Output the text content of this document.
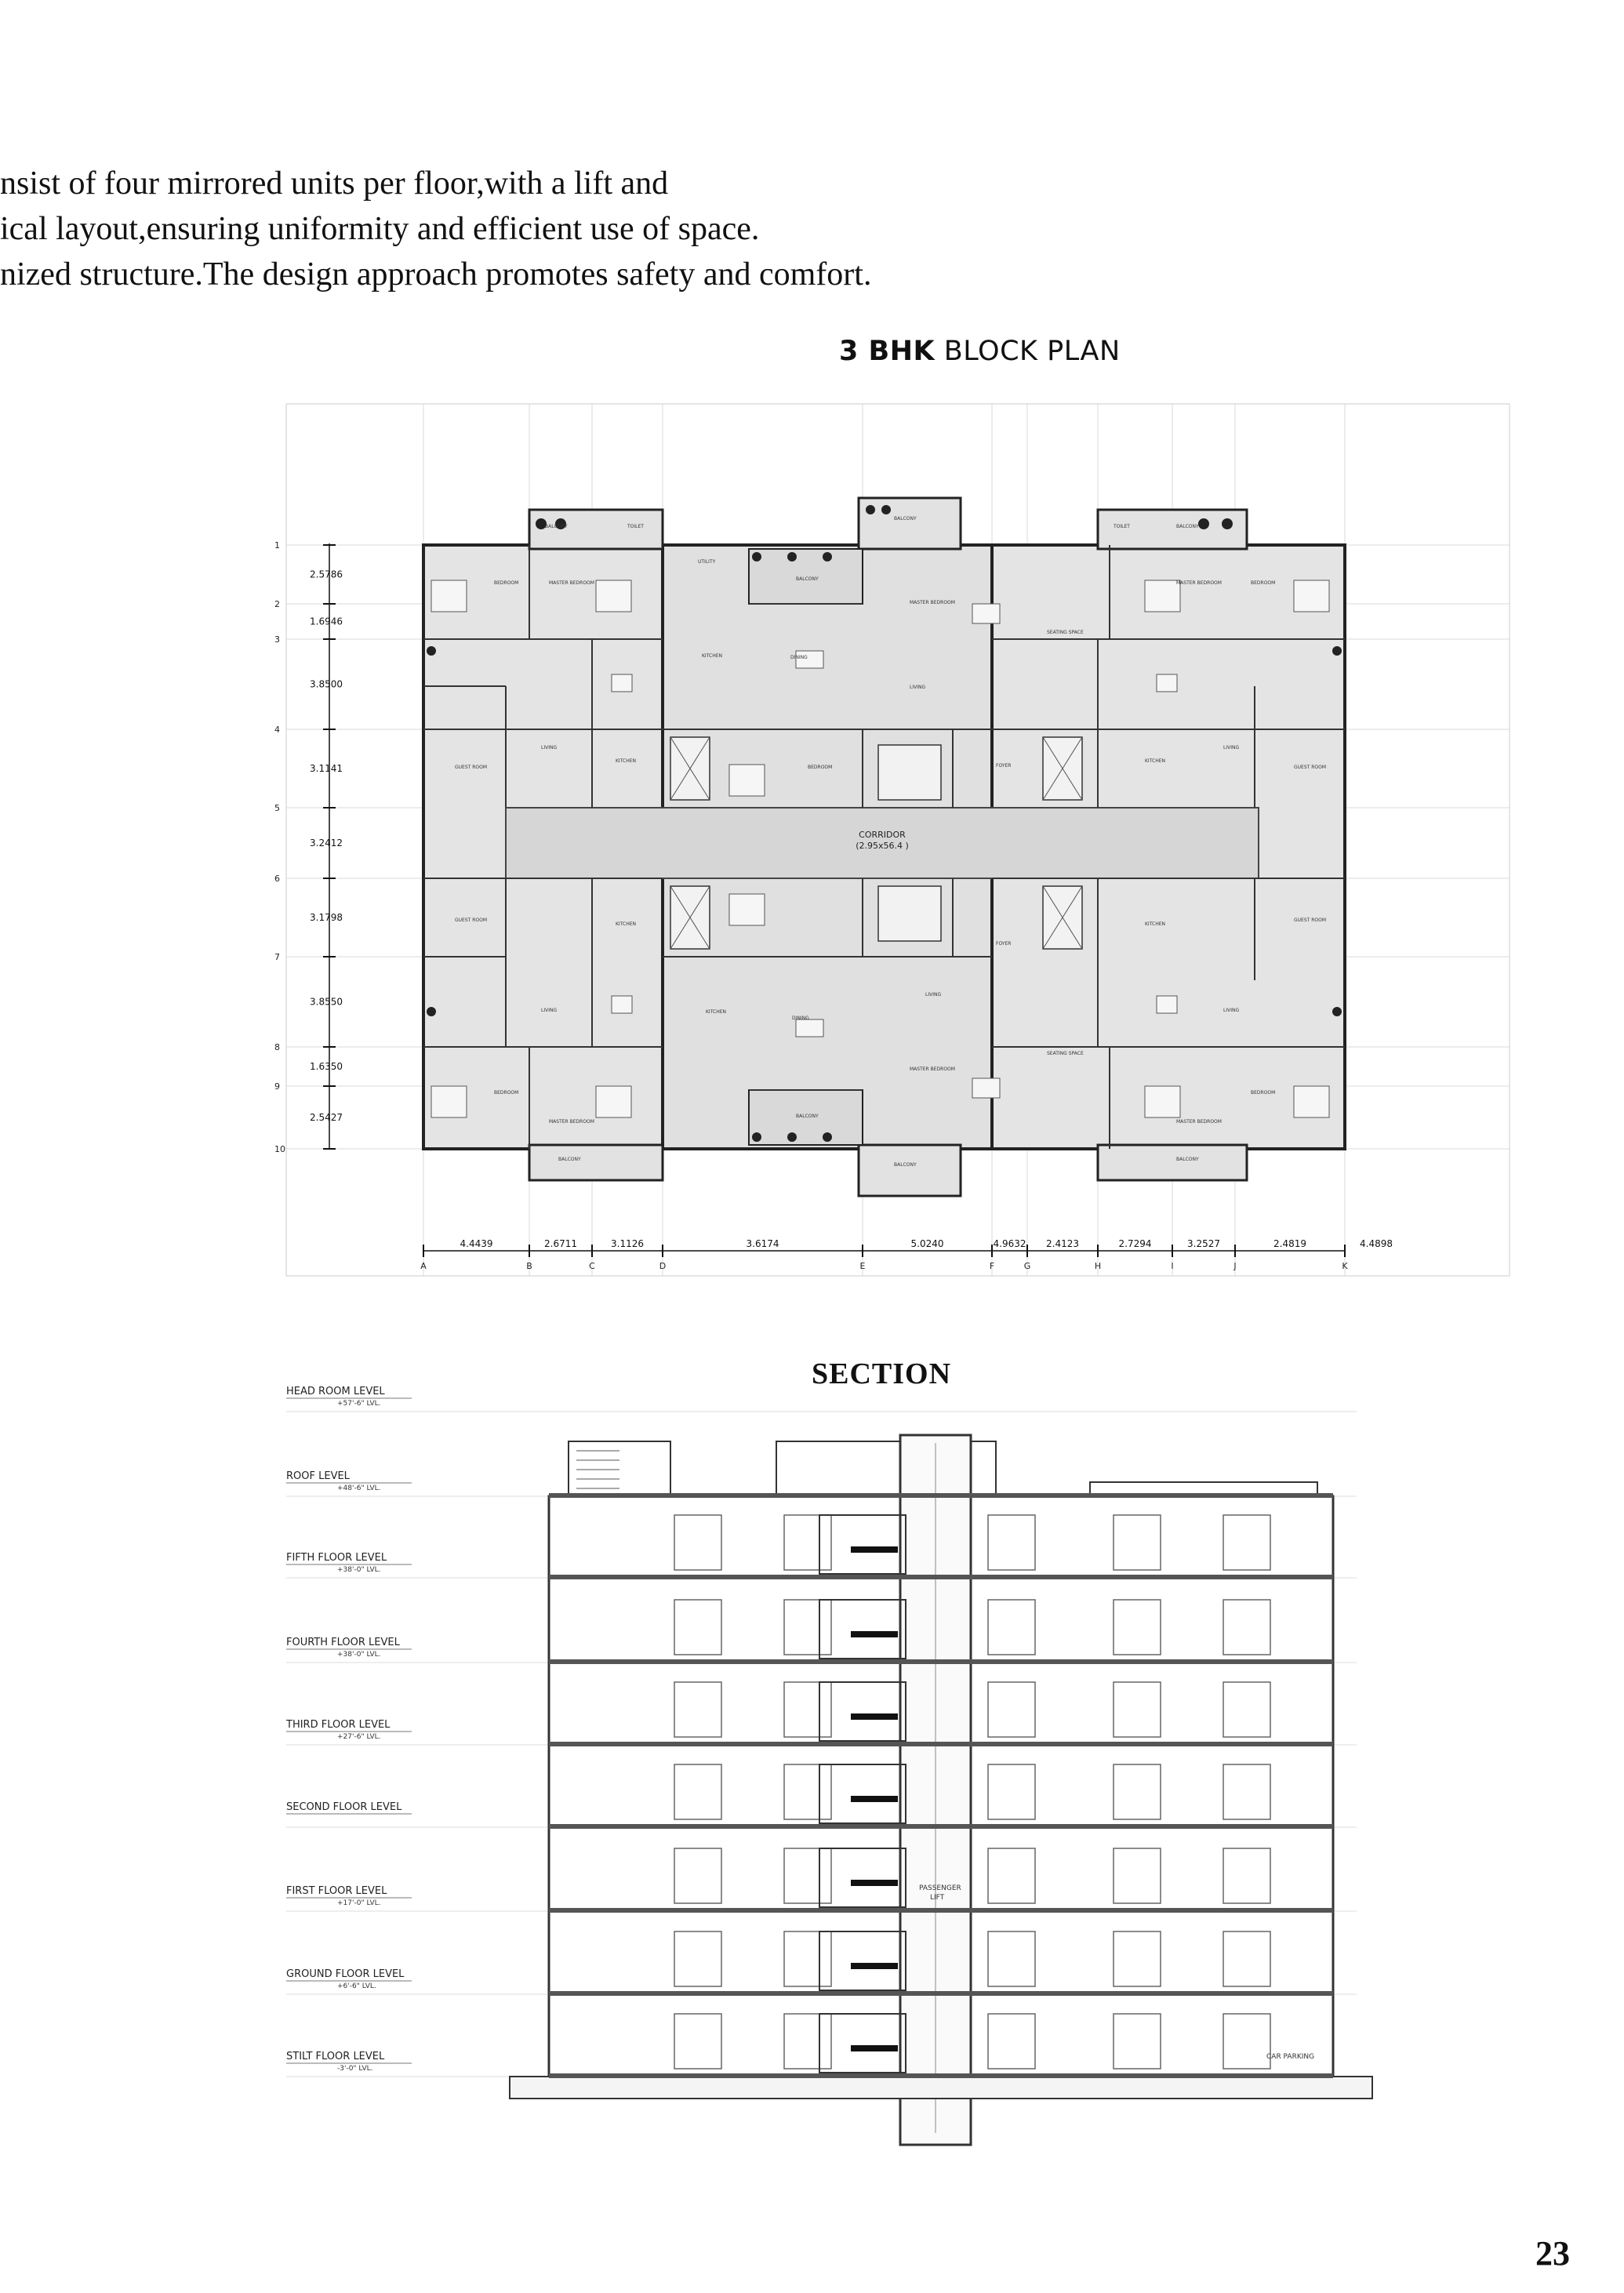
nsist of four mirrored units per floor,with a lift and
ical layout,ensuring uniformity and efficient use of space.
nized structure.The design approach promotes safety and comfort.
3 BHK BLOCK PLAN
BEDROOM	MASTER BEDROOM
UTILITY
KITCHEN	DINING
LIVING
MASTER BEDROOM
BEDROOM	FOYER
SEATING SPACE
MASTER BEDROOM	BEDROOM
LIVING
GUEST ROOM
KITCHEN	KITCHEN
LIVING
GUEST ROOM
GUEST ROOM
KITCHEN	KITCHEN
GUEST ROOM
FOYER
LIVING
DINING
KITCHEN
MASTER BEDROOM
SEATING SPACE
LIVING	LIVING
BEDROOM
MASTER BEDROOM	MASTER BEDROOM
BEDROOM
BALCONY	TOILET
BALCONY
BALCONY
BALCONY
BALCONY
BALCONY
TOILET
BALCONY	BALCONY
CORRIDOR
(2.95x56.4 )
1
2
3
4
5
6
7
8
9
10
2.5786
1.6946
3.8500
3.1141
3.2412
3.1798
3.8550
1.6350
2.5427
A	B	C	D	E	F	G	H	I	J	K
4.4439	2.6711	3.1126	3.6174	5.0240	4.9632 2.4123	2.7294	3.2527	2.4819	4.4898
SECTION
HEAD ROOM LEVEL
+57'-6" LVL.
ROOF LEVEL
+48'-6" LVL.
FIFTH FLOOR LEVEL
+38'-0" LVL.
FOURTH FLOOR LEVEL
+38'-0" LVL.
THIRD FLOOR LEVEL
+27'-6" LVL.
SECOND FLOOR LEVEL
FIRST FLOOR LEVEL
+17'-0" LVL.
GROUND FLOOR LEVEL
+6'-6" LVL.
STILT FLOOR LEVEL
-3'-0" LVL.
PASSENGER
LIFT
CAR PARKING
23
